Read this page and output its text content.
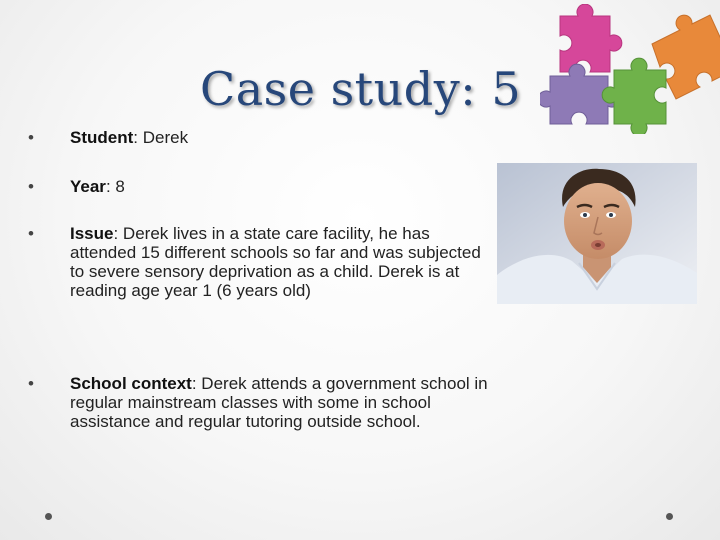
Case study: 5
•	Student: Derek
•	Year: 8
•	Issue: Derek lives in a state care facility, he has attended 15 different schools so far and was subjected to severe sensory deprivation as a child. Derek is at reading age year 1 (6 years old)
•	School context: Derek attends a government school in regular mainstream classes with some in school assistance and regular tutoring outside school.
